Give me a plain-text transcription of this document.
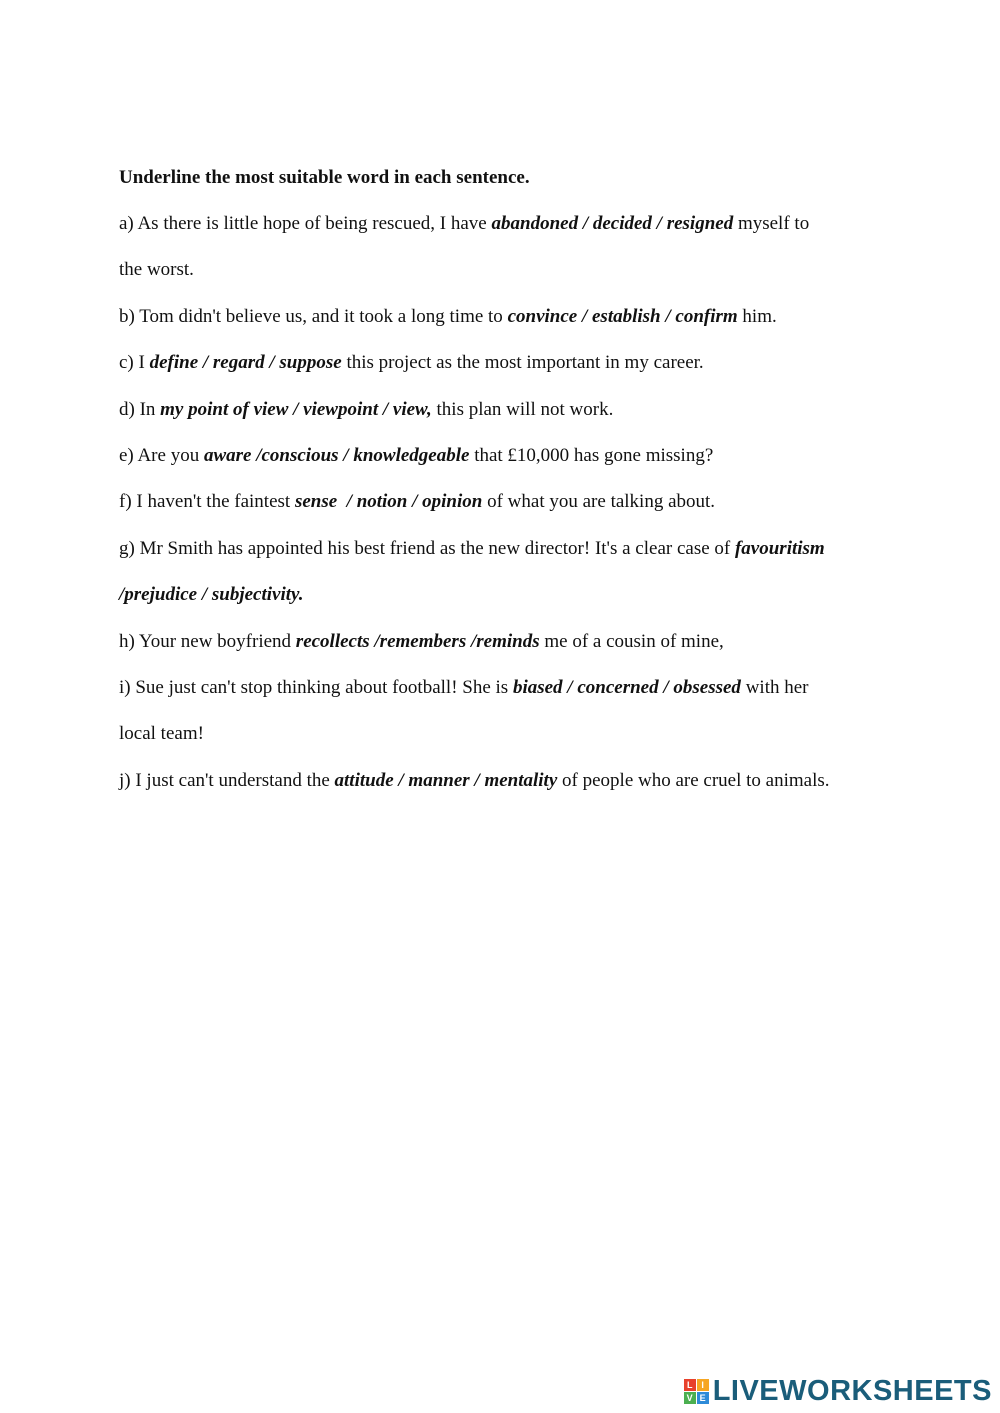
Underline the most suitable word in each sentence.
a) As there is little hope of being rescued, I have abandoned / decided / resigned myself to
the worst.
b) Tom didn't believe us, and it took a long time to convince / establish / confirm him.
c) I define / regard / suppose this project as the most important in my career.
d) In my point of view / viewpoint / view, this plan will not work.
e) Are you aware /conscious / knowledgeable that £10,000 has gone missing?
f) I haven't the faintest sense  / notion / opinion of what you are talking about.
g) Mr Smith has appointed his best friend as the new director! It's a clear case of favouritism
/prejudice / subjectivity.
h) Your new boyfriend recollects /remembers /reminds me of a cousin of mine,
i) Sue just can't stop thinking about football! She is biased / concerned / obsessed with her
local team!
j) I just can't understand the attitude / manner / mentality of people who are cruel to animals.
L I
V E LIVEWORKSHEETS
